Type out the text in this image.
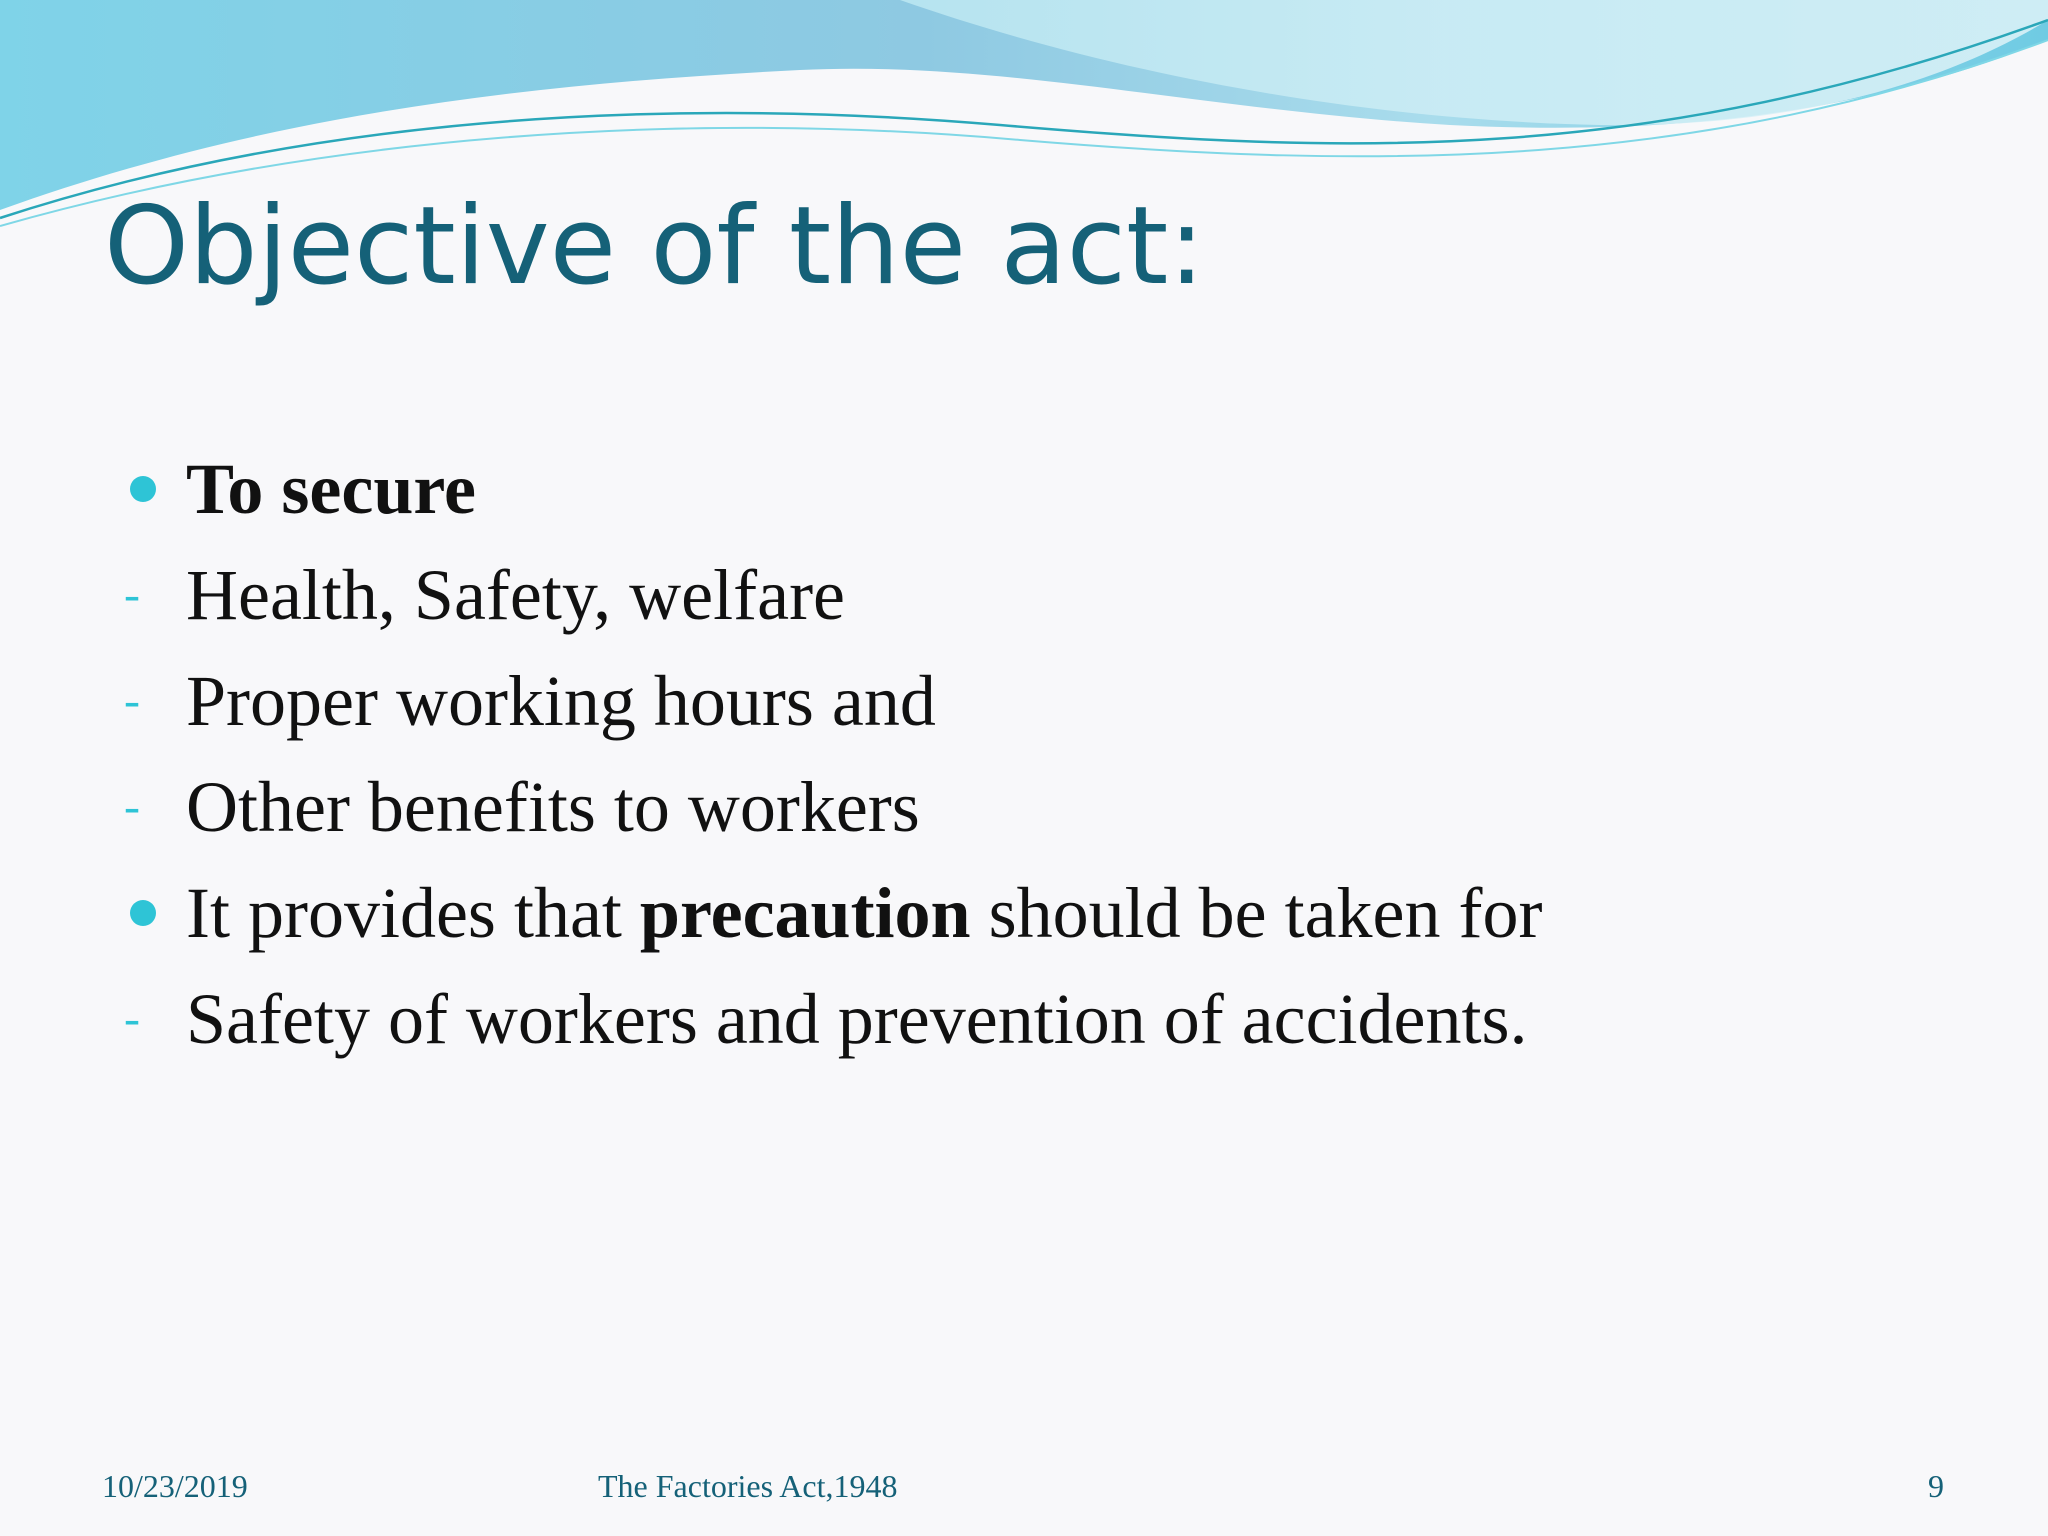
Objective of the act:
To secure
- Health, Safety, welfare
- Proper working hours and
- Other benefits to workers
It provides that precaution should be taken for
- Safety of workers and prevention of accidents.
10/23/2019	The Factories Act,1948	9
